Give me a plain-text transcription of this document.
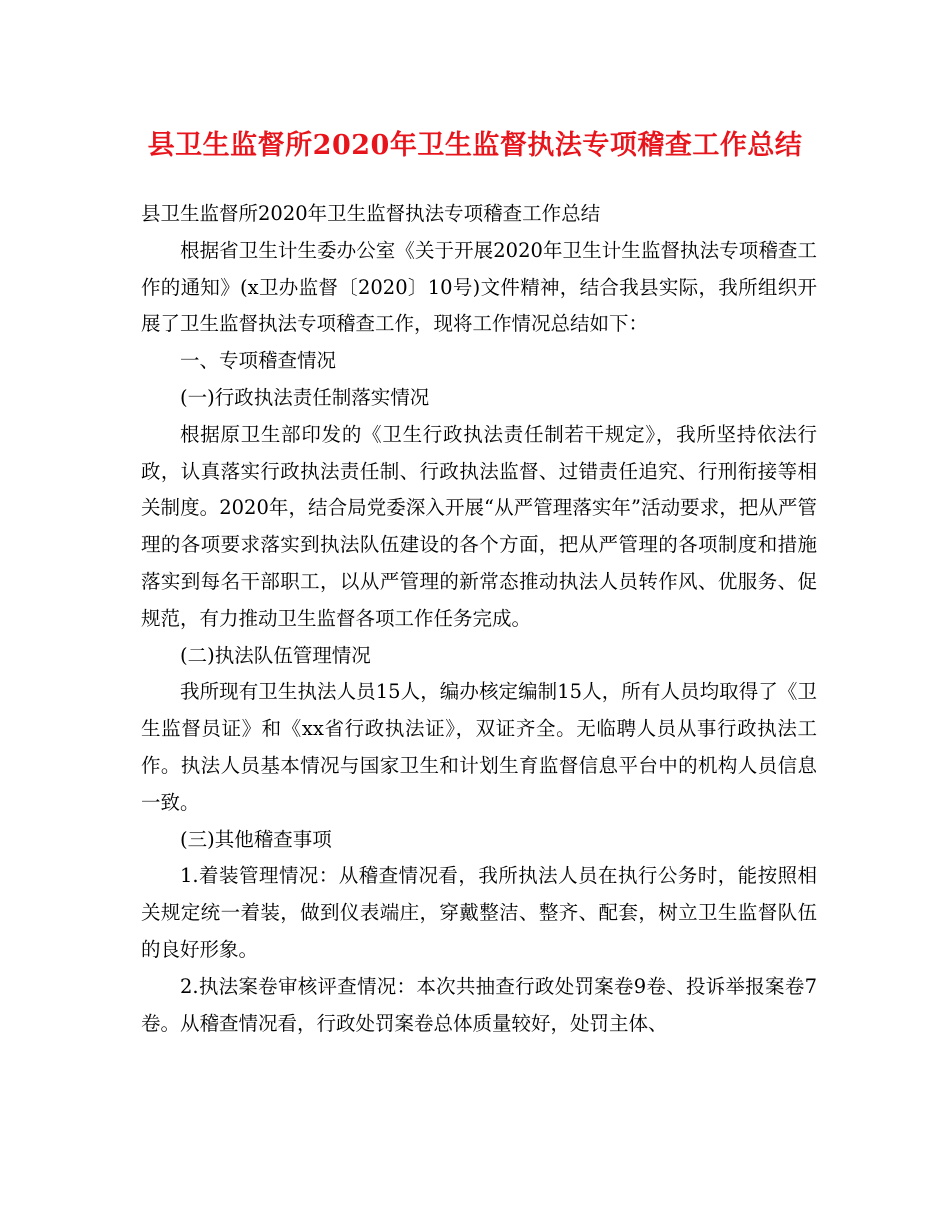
县卫生监督所2020年卫生监督执法专项稽查工作总结

县卫生监督所2020年卫生监督执法专项稽查工作总结

根据省卫生计生委办公室《关于开展2020年卫生计生监督执法专项稽查工作的通知》(x卫办监督〔2020〕10号)文件精神，结合我县实际，我所组织开展了卫生监督执法专项稽查工作，现将工作情况总结如下：

一、专项稽查情况

(一)行政执法责任制落实情况

根据原卫生部印发的《卫生行政执法责任制若干规定》，我所坚持依法行政，认真落实行政执法责任制、行政执法监督、过错责任追究、行刑衔接等相关制度。2020年，结合局党委深入开展“从严管理落实年”活动要求，把从严管理的各项要求落实到执法队伍建设的各个方面，把从严管理的各项制度和措施落实到每名干部职工，以从严管理的新常态推动执法人员转作风、优服务、促规范，有力推动卫生监督各项工作任务完成。

(二)执法队伍管理情况

我所现有卫生执法人员15人，编办核定编制15人，所有人员均取得了《卫生监督员证》和《xx省行政执法证》，双证齐全。无临聘人员从事行政执法工作。执法人员基本情况与国家卫生和计划生育监督信息平台中的机构人员信息一致。

(三)其他稽查事项

1.着装管理情况：从稽查情况看，我所执法人员在执行公务时，能按照相关规定统一着装，做到仪表端庄，穿戴整洁、整齐、配套，树立卫生监督队伍的良好形象。

2.执法案卷审核评查情况：本次共抽查行政处罚案卷9卷、投诉举报案卷7卷。从稽查情况看，行政处罚案卷总体质量较好，处罚主体、
